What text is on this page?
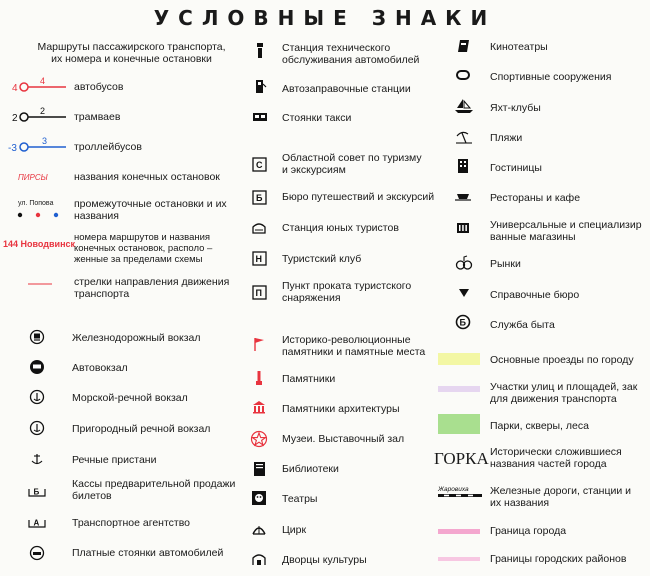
УСЛОВНЫЕ ЗНАКИ
Маршруты пассажирского транспорта,
их номера и конечные остановки
4
4	автобусов
2
2	трамваев
-3
3	троллейбусов
ПИРСЫ	названия конечных остановок
ул. Попова промежуточные остановки и их
названия
144 Новодвинск
номера маршрутов и названия
конечных остановок, располо –
женные за пределами схемы
стрелки направления движения
транспорта
Железнодорожный вокзал
Автовокзал
Морской-речной вокзал
Пригородный речной вокзал
Речные пристани
Б
Кассы предварительной продажи
билетов
А	Транспортное агентство
Платные стоянки автомобилей
Станция технического
обслуживания автомобилей
Автозаправочные станции
Стоянки такси
С
Областной совет по туризму
и экскурсиям
Б Бюро путешествий и экскурсий
Станция юных туристов
Н Туристский клуб
П
Пункт проката туристского
снаряжения
Историко-революционные
памятники и памятные места
Памятники
Памятники архитектуры
Музеи. Выставочный зал
Библиотеки
Театры
Цирк
Дворцы культуры
Кинотеатры
Спортивные сооружения
Яхт-клубы
Пляжи
Гостиницы
Рестораны и кафе
Универсальные и специализир
ванные магазины
Рынки
Справочные бюро
Б Служба быта
Основные проезды по городу
Участки улиц и площадей, зак
для движения транспорта
Парки, скверы, леса
ГОРКА Исторически сложившиеся
названия частей города
Жаровиха Железные дороги, станции и
их названия
Граница города
Границы городских районов
